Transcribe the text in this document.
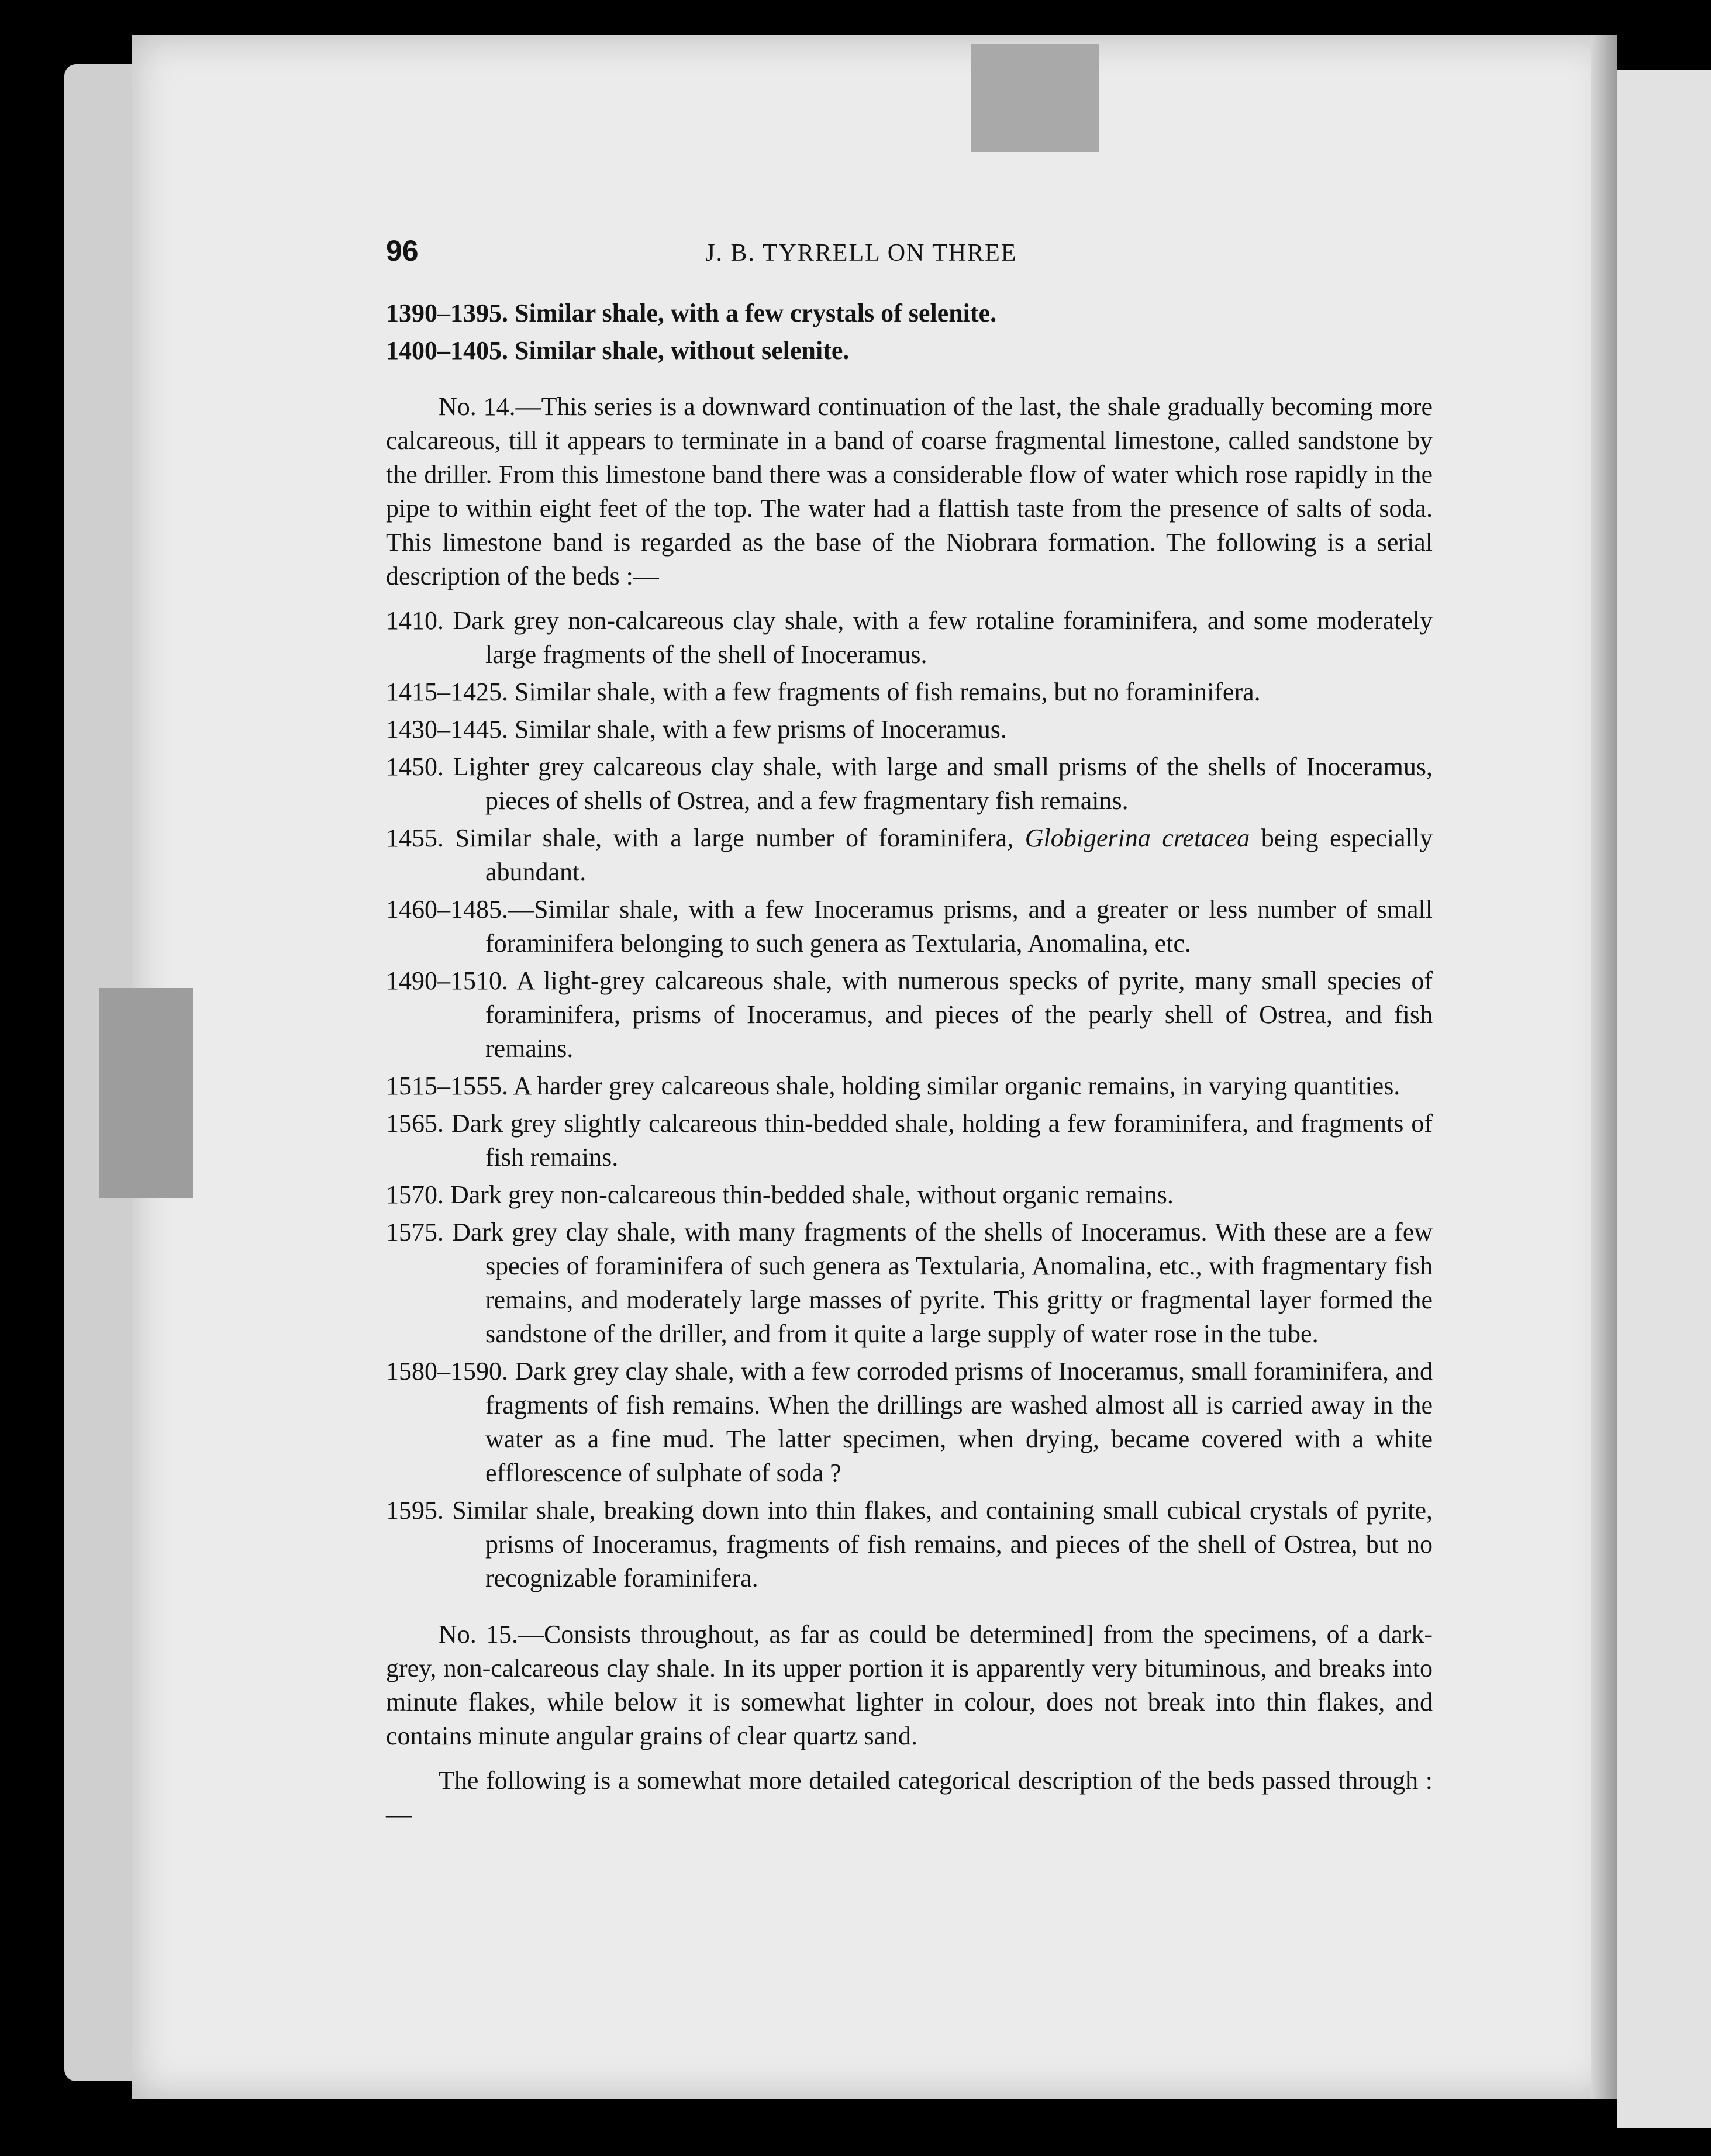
96	J. B. TYRRELL ON THREE

1390–1395. Similar shale, with a few crystals of selenite.

1400–1405. Similar shale, without selenite.

No. 14.—This series is a downward continuation of the last, the shale gradually becoming more calcareous, till it appears to terminate in a band of coarse fragmental limestone, called sandstone by the driller. From this limestone band there was a considerable flow of water which rose rapidly in the pipe to within eight feet of the top. The water had a flattish taste from the presence of salts of soda. This limestone band is regarded as the base of the Niobrara formation. The following is a serial description of the beds :—

1410. Dark grey non-calcareous clay shale, with a few rotaline foraminifera, and some moderately large fragments of the shell of Inoceramus.

1415–1425. Similar shale, with a few fragments of fish remains, but no foraminifera.

1430–1445. Similar shale, with a few prisms of Inoceramus.

1450. Lighter grey calcareous clay shale, with large and small prisms of the shells of Inoceramus, pieces of shells of Ostrea, and a few fragmentary fish remains.

1455. Similar shale, with a large number of foraminifera, Globigerina cretacea being especially abundant.

1460–1485.—Similar shale, with a few Inoceramus prisms, and a greater or less number of small foraminifera belonging to such genera as Textularia, Anomalina, etc.

1490–1510. A light-grey calcareous shale, with numerous specks of pyrite, many small species of foraminifera, prisms of Inoceramus, and pieces of the pearly shell of Ostrea, and fish remains.

1515–1555. A harder grey calcareous shale, holding similar organic remains, in varying quantities.

1565. Dark grey slightly calcareous thin-bedded shale, holding a few foraminifera, and fragments of fish remains.

1570. Dark grey non-calcareous thin-bedded shale, without organic remains.

1575. Dark grey clay shale, with many fragments of the shells of Inoceramus. With these are a few species of foraminifera of such genera as Textularia, Anomalina, etc., with fragmentary fish remains, and moderately large masses of pyrite. This gritty or fragmental layer formed the sandstone of the driller, and from it quite a large supply of water rose in the tube.

1580–1590. Dark grey clay shale, with a few corroded prisms of Inoceramus, small foraminifera, and fragments of fish remains. When the drillings are washed almost all is carried away in the water as a fine mud. The latter specimen, when drying, became covered with a white efflorescence of sulphate of soda ?

1595. Similar shale, breaking down into thin flakes, and containing small cubical crystals of pyrite, prisms of Inoceramus, fragments of fish remains, and pieces of the shell of Ostrea, but no recognizable foraminifera.

No. 15.—Consists throughout, as far as could be determined] from the specimens, of a dark-grey, non-calcareous clay shale. In its upper portion it is apparently very bituminous, and breaks into minute flakes, while below it is somewhat lighter in colour, does not break into thin flakes, and contains minute angular grains of clear quartz sand.

The following is a somewhat more detailed categorical description of the beds passed through :—
